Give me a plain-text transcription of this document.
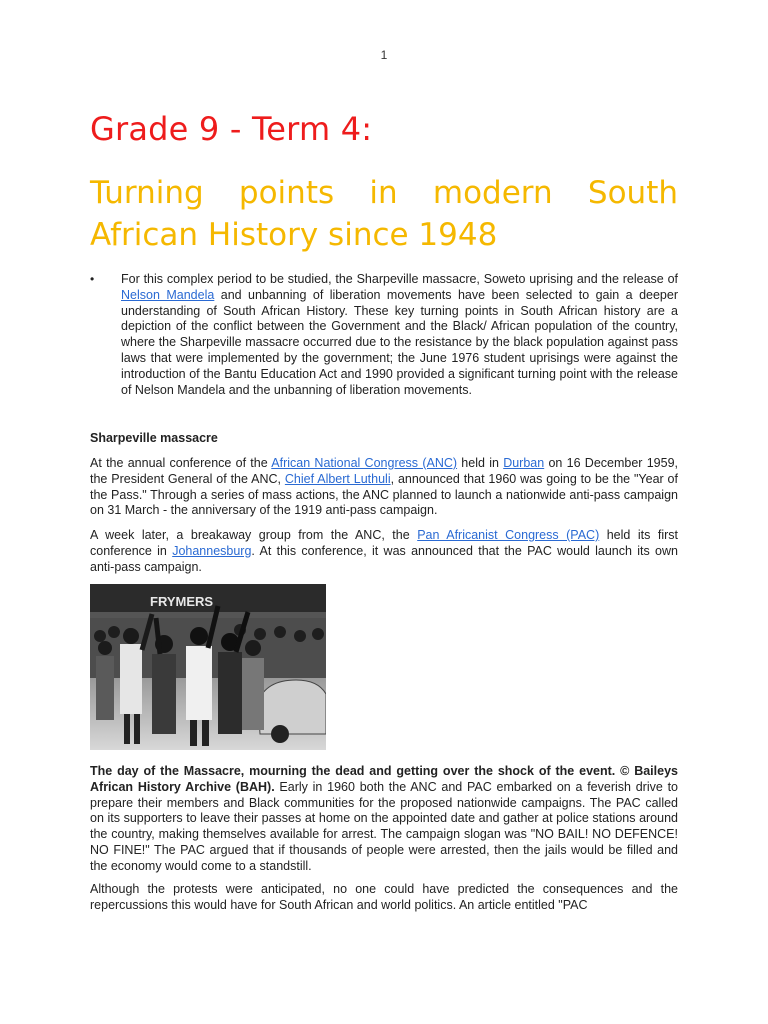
1
Grade 9 - Term 4:
Turning points in modern South African History since 1948
• For this complex period to be studied, the Sharpeville massacre, Soweto uprising and the release of Nelson Mandela and unbanning of liberation movements have been selected to gain a deeper understanding of South African History. These key turning points in South African history are a depiction of the conflict between the Government and the Black/ African population of the country, where the Sharpeville massacre occurred due to the resistance by the black population against pass laws that were implemented by the government; the June 1976 student uprisings were against the introduction of the Bantu Education Act and 1990 provided a significant turning point with the release of Nelson Mandela and the unbanning of liberation movements.

Sharpeville massacre

At the annual conference of the African National Congress (ANC) held in Durban on 16 December 1959, the President General of the ANC, Chief Albert Luthuli, announced that 1960 was going to be the "Year of the Pass." Through a series of mass actions, the ANC planned to launch a nationwide anti-pass campaign on 31 March - the anniversary of the 1919 anti-pass campaign.

A week later, a breakaway group from the ANC, the Pan Africanist Congress (PAC) held its first conference in Johannesburg. At this conference, it was announced that the PAC would launch its own anti-pass campaign.

FRYMERS

The day of the Massacre, mourning the dead and getting over the shock of the event. © Baileys African History Archive (BAH). Early in 1960 both the ANC and PAC embarked on a feverish drive to prepare their members and Black communities for the proposed nationwide campaigns. The PAC called on its supporters to leave their passes at home on the appointed date and gather at police stations around the country, making themselves available for arrest. The campaign slogan was "NO BAIL! NO DEFENCE! NO FINE!" The PAC argued that if thousands of people were arrested, then the jails would be filled and the economy would come to a standstill.

Although the protests were anticipated, no one could have predicted the consequences and the repercussions this would have for South African and world politics. An article entitled "PAC
